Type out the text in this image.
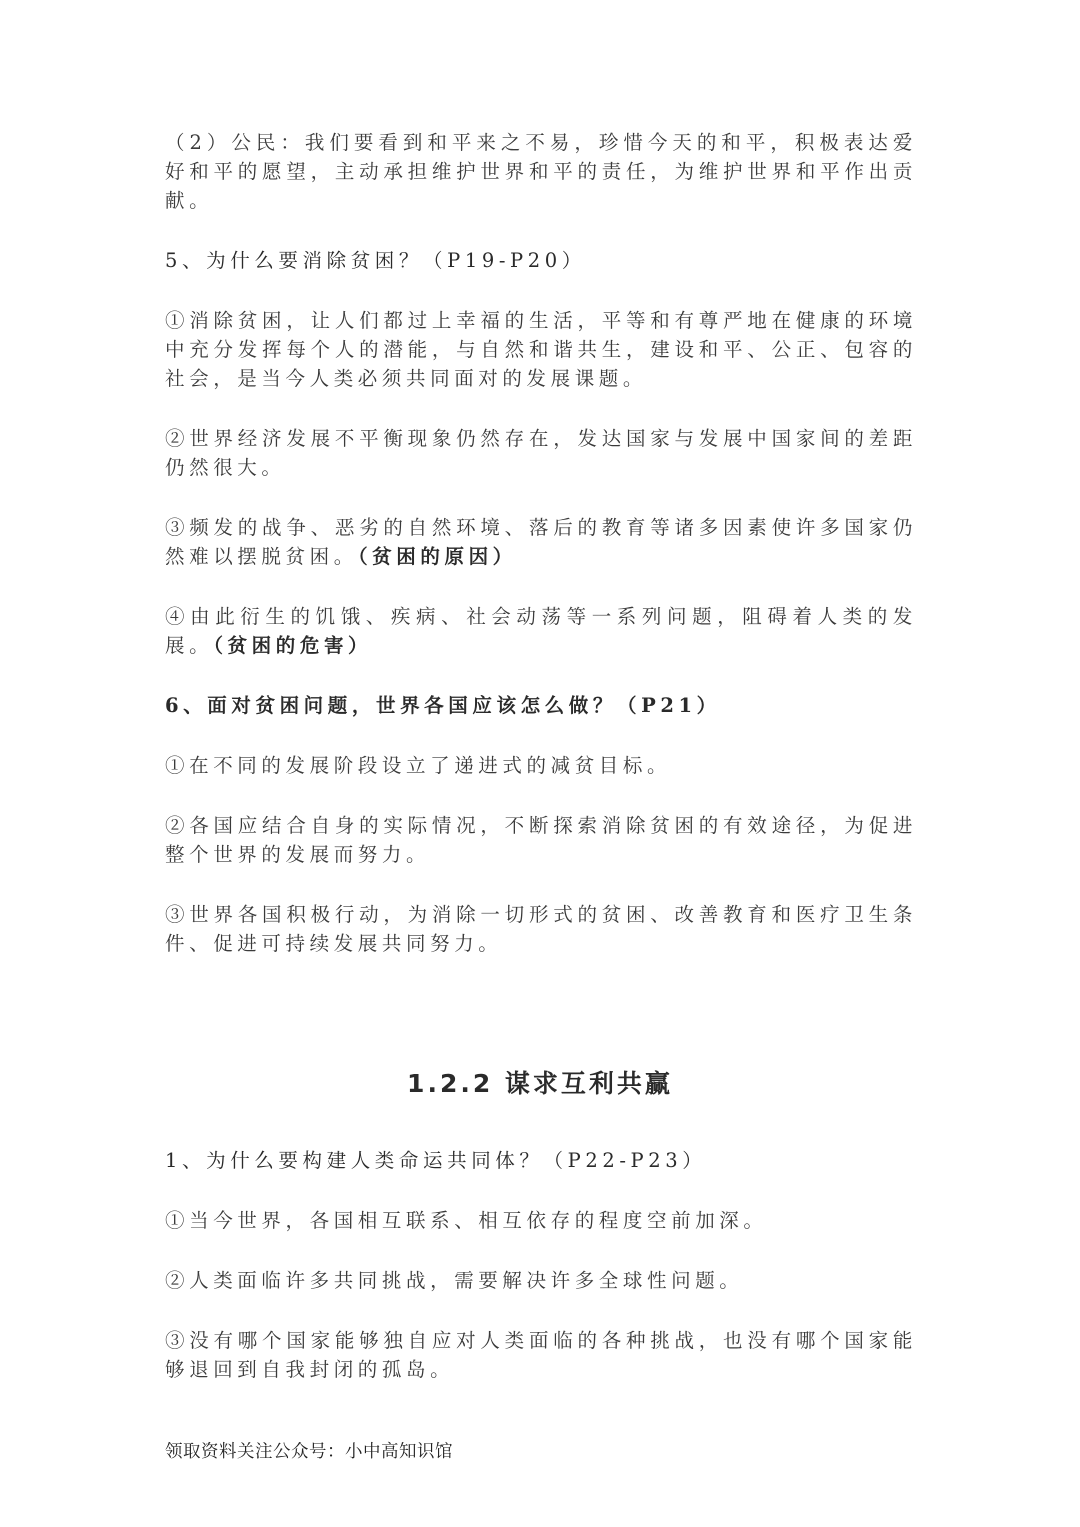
（2）公民：我们要看到和平来之不易，珍惜今天的和平，积极表达爱好和平的愿望，主动承担维护世界和平的责任，为维护世界和平作出贡献。

5、为什么要消除贫困？（P19-P20）

①消除贫困，让人们都过上幸福的生活，平等和有尊严地在健康的环境中充分发挥每个人的潜能，与自然和谐共生，建设和平、公正、包容的社会，是当今人类必须共同面对的发展课题。

②世界经济发展不平衡现象仍然存在，发达国家与发展中国家间的差距仍然很大。

③频发的战争、恶劣的自然环境、落后的教育等诸多因素使许多国家仍然难以摆脱贫困。（贫困的原因）

④由此衍生的饥饿、疾病、社会动荡等一系列问题，阻碍着人类的发展。（贫困的危害）

6、面对贫困问题，世界各国应该怎么做？（P21）

①在不同的发展阶段设立了递进式的减贫目标。

②各国应结合自身的实际情况，不断探索消除贫困的有效途径，为促进整个世界的发展而努力。

③世界各国积极行动，为消除一切形式的贫困、改善教育和医疗卫生条件、促进可持续发展共同努力。

1.2.2 谋求互利共赢

1、为什么要构建人类命运共同体？（P22-P23）

①当今世界，各国相互联系、相互依存的程度空前加深。

②人类面临许多共同挑战，需要解决许多全球性问题。

③没有哪个国家能够独自应对人类面临的各种挑战，也没有哪个国家能够退回到自我封闭的孤岛。

领取资料关注公众号：小中高知识馆
